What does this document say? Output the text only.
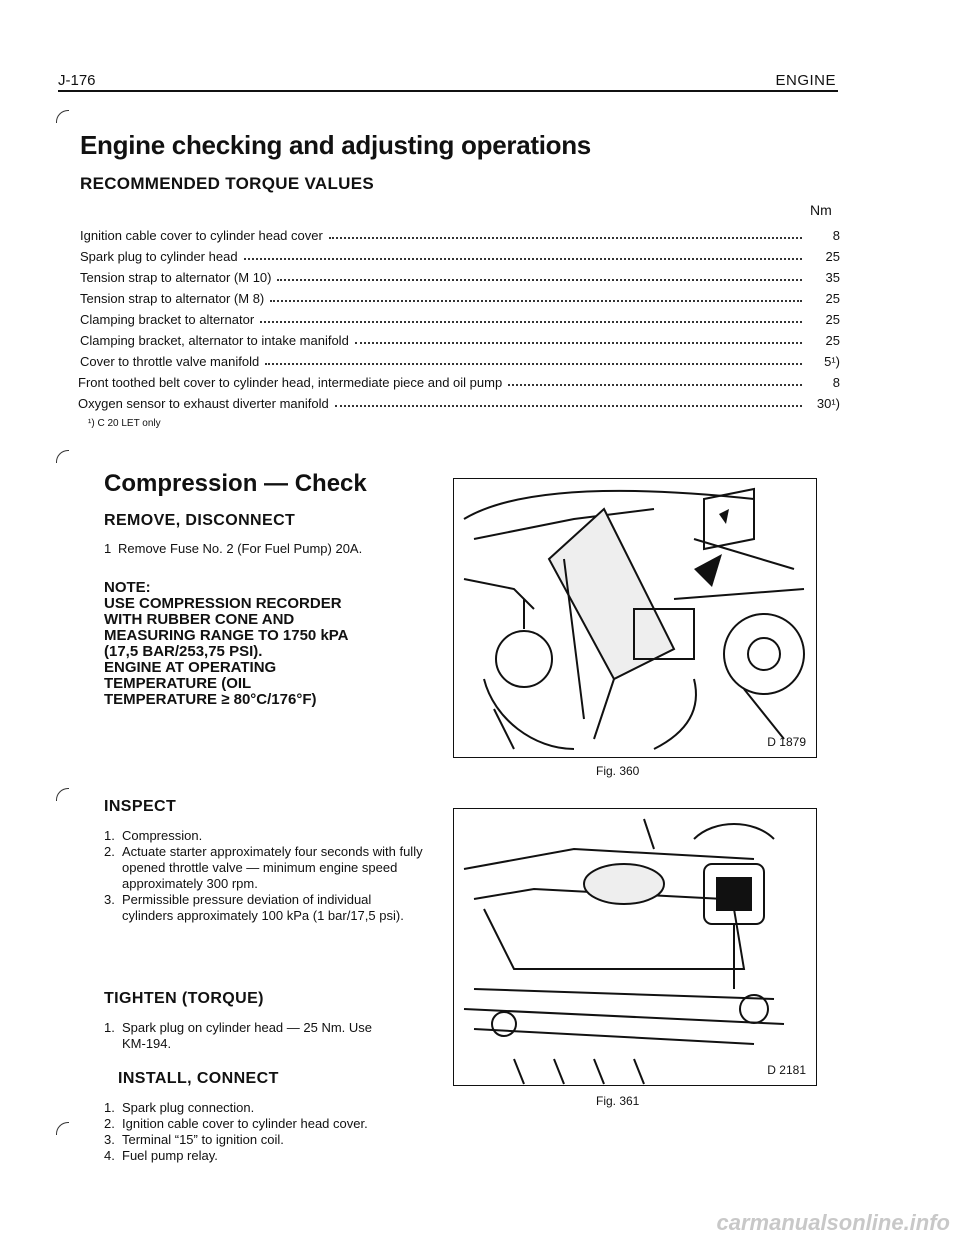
J-176	ENGINE
Engine checking and adjusting operations
RECOMMENDED TORQUE VALUES
Nm
Ignition cable cover to cylinder head cover	8
Spark plug to cylinder head	25
Tension strap to alternator (M 10)	35
Tension strap to alternator (M 8)	25
Clamping bracket to alternator	25
Clamping bracket, alternator to intake manifold	25
Cover to throttle valve manifold	5¹)
Front toothed belt cover to cylinder head, intermediate piece and oil pump	8
Oxygen sensor to exhaust diverter manifold	30¹)
¹) C 20 LET only
Compression — Check
REMOVE, DISCONNECT
1 Remove Fuse No. 2 (For Fuel Pump) 20A.
NOTE:
USE COMPRESSION RECORDER
WITH RUBBER CONE AND
MEASURING RANGE TO 1750 kPA
(17,5 BAR/253,75 PSI).
ENGINE AT OPERATING
TEMPERATURE (OIL
TEMPERATURE ≥ 80°C/176°F)
INSPECT
1. Compression.
2. Actuate starter approximately four seconds with fully opened throttle valve — minimum engine speed approximately 300 rpm.
3. Permissible pressure deviation of individual cylinders approximately 100 kPa (1 bar/17,5 psi).
TIGHTEN (TORQUE)
1. Spark plug on cylinder head — 25 Nm. Use KM-194.
INSTALL, CONNECT
1. Spark plug connection.
2. Ignition cable cover to cylinder head cover.
3. Terminal “15” to ignition coil.
4. Fuel pump relay.
D 1879
Fig. 360
D 2181
Fig. 361
carmanualsonline.info
